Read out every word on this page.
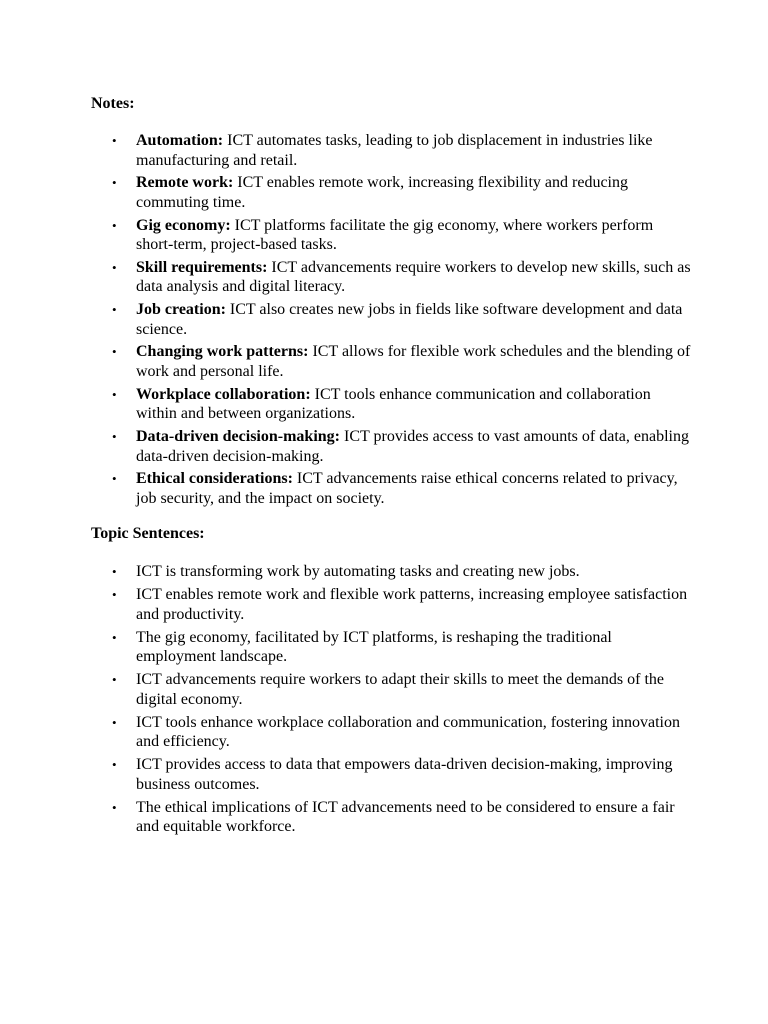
Notes:
• Automation: ICT automates tasks, leading to job displacement in industries like manufacturing and retail.
• Remote work: ICT enables remote work, increasing flexibility and reducing commuting time.
• Gig economy: ICT platforms facilitate the gig economy, where workers perform short-term, project-based tasks.
• Skill requirements: ICT advancements require workers to develop new skills, such as data analysis and digital literacy.
• Job creation: ICT also creates new jobs in fields like software development and data science.
• Changing work patterns: ICT allows for flexible work schedules and the blending of work and personal life.
• Workplace collaboration: ICT tools enhance communication and collaboration within and between organizations.
• Data-driven decision-making: ICT provides access to vast amounts of data, enabling data-driven decision-making.
• Ethical considerations: ICT advancements raise ethical concerns related to privacy, job security, and the impact on society.
Topic Sentences:
• ICT is transforming work by automating tasks and creating new jobs.
• ICT enables remote work and flexible work patterns, increasing employee satisfaction and productivity.
• The gig economy, facilitated by ICT platforms, is reshaping the traditional employment landscape.
• ICT advancements require workers to adapt their skills to meet the demands of the digital economy.
• ICT tools enhance workplace collaboration and communication, fostering innovation and efficiency.
• ICT provides access to data that empowers data-driven decision-making, improving business outcomes.
• The ethical implications of ICT advancements need to be considered to ensure a fair and equitable workforce.
